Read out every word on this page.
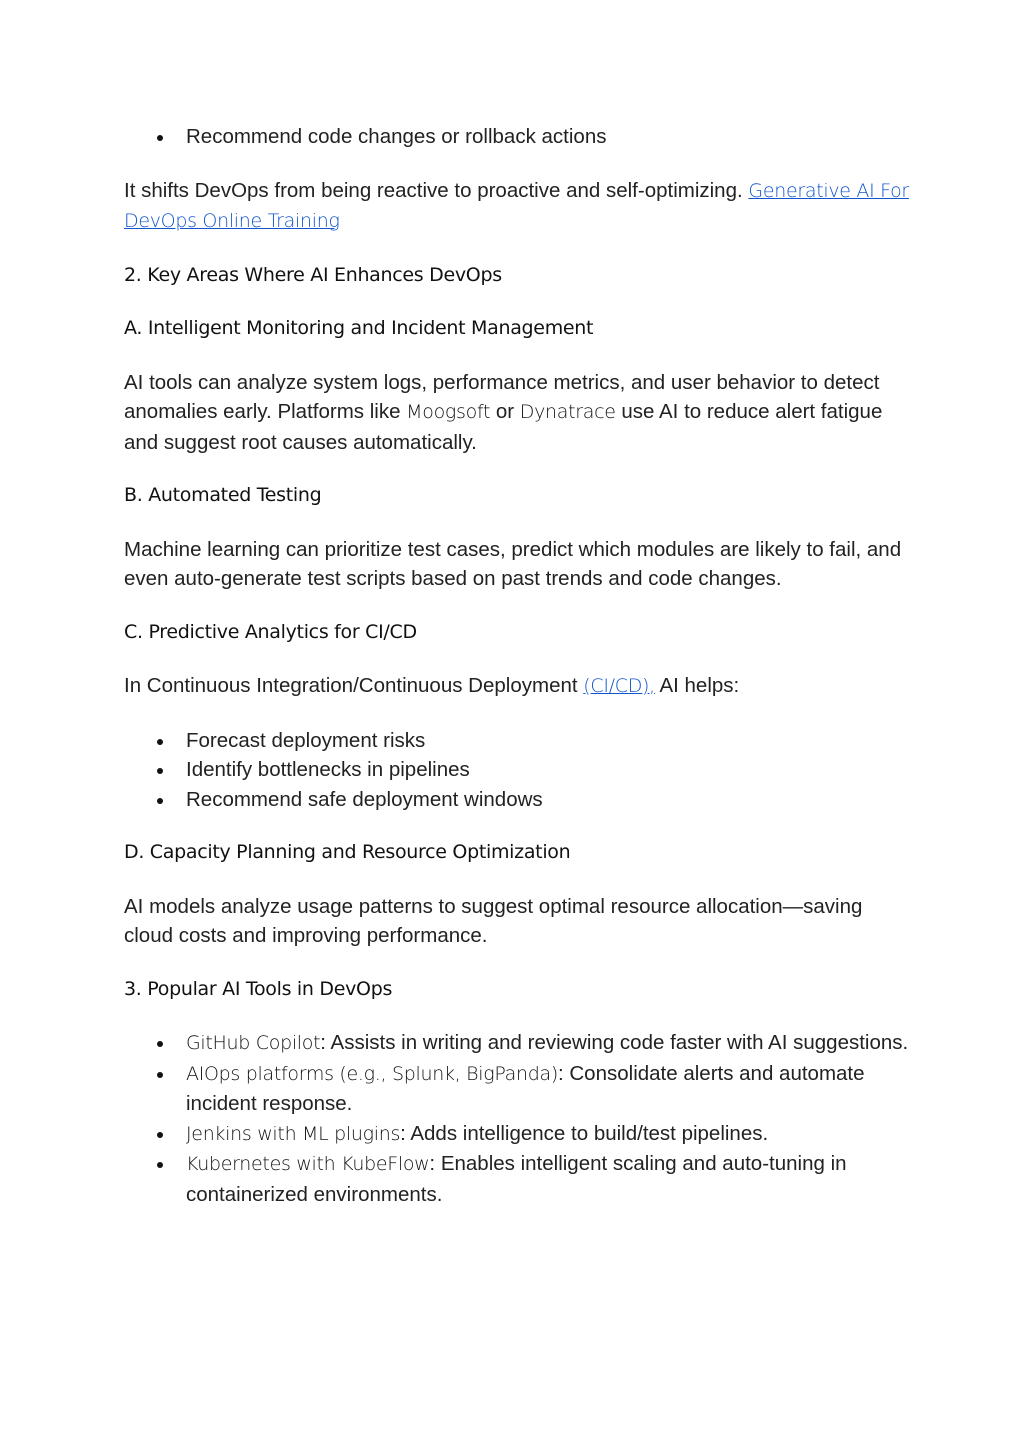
Recommend code changes or rollback actions

It shifts DevOps from being reactive to proactive and self-optimizing. Generative AI For DevOps Online Training

2. Key Areas Where AI Enhances DevOps
A. Intelligent Monitoring and Incident Management

AI tools can analyze system logs, performance metrics, and user behavior to detect anomalies early. Platforms like Moogsoft or Dynatrace use AI to reduce alert fatigue and suggest root causes automatically.

B. Automated Testing

Machine learning can prioritize test cases, predict which modules are likely to fail, and even auto-generate test scripts based on past trends and code changes.

C. Predictive Analytics for CI/CD

In Continuous Integration/Continuous Deployment (CI/CD), AI helps:

Forecast deployment risks
Identify bottlenecks in pipelines
Recommend safe deployment windows
D. Capacity Planning and Resource Optimization

AI models analyze usage patterns to suggest optimal resource allocation—saving cloud costs and improving performance.

3. Popular AI Tools in DevOps
GitHub Copilot: Assists in writing and reviewing code faster with AI suggestions.
AIOps platforms (e.g., Splunk, BigPanda): Consolidate alerts and automate incident response.
Jenkins with ML plugins: Adds intelligence to build/test pipelines.
Kubernetes with KubeFlow: Enables intelligent scaling and auto-tuning in containerized environments.
